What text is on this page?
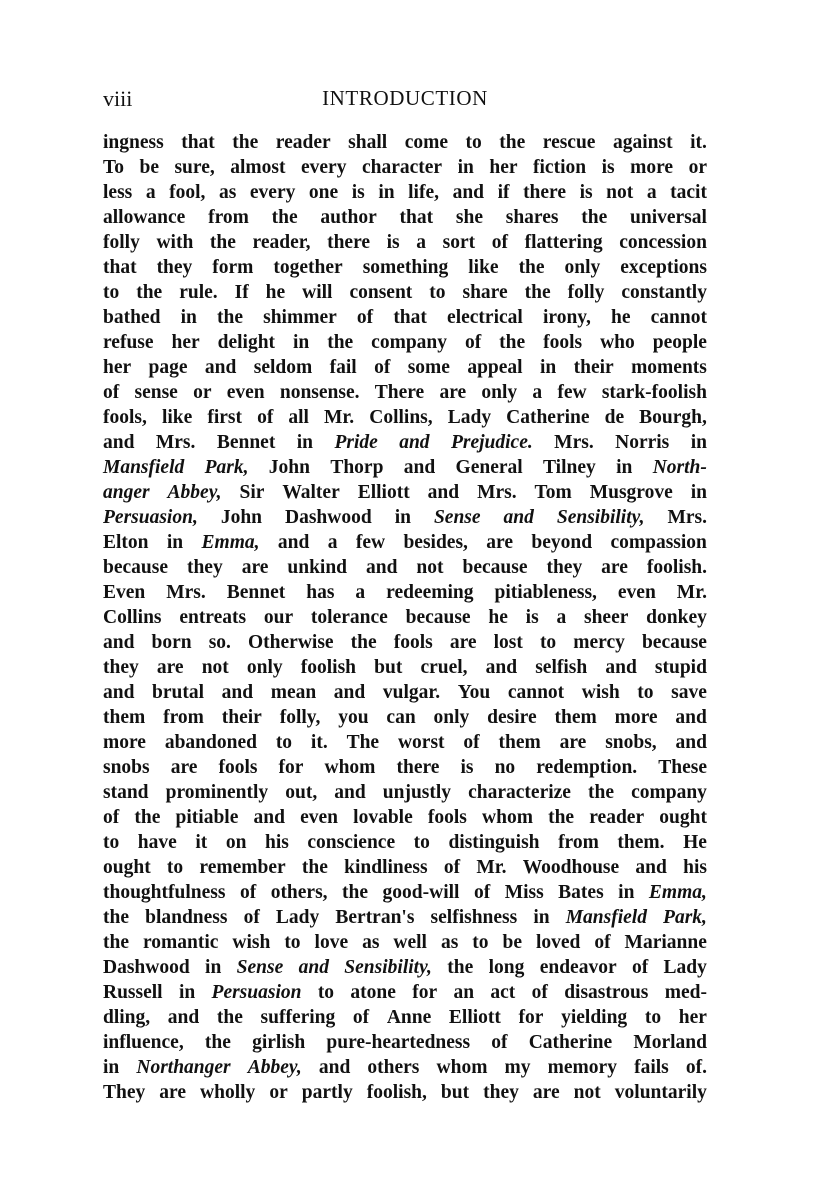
viii	INTRODUCTION
ingness that the reader shall come to the rescue against it.
To be sure, almost every character in her fiction is more or
less a fool, as every one is in life, and if there is not a tacit
allowance from the author that she shares the universal
folly with the reader, there is a sort of flattering concession
that they form together something like the only exceptions
to the rule. If he will consent to share the folly constantly
bathed in the shimmer of that electrical irony, he cannot
refuse her delight in the company of the fools who people
her page and seldom fail of some appeal in their moments
of sense or even nonsense. There are only a few stark-foolish
fools, like first of all Mr. Collins, Lady Catherine de Bourgh,
and Mrs. Bennet in Pride and Prejudice. Mrs. Norris in
Mansfield Park, John Thorp and General Tilney in North-
anger Abbey, Sir Walter Elliott and Mrs. Tom Musgrove in
Persuasion, John Dashwood in Sense and Sensibility, Mrs.
Elton in Emma, and a few besides, are beyond compassion
because they are unkind and not because they are foolish.
Even Mrs. Bennet has a redeeming pitiableness, even Mr.
Collins entreats our tolerance because he is a sheer donkey
and born so. Otherwise the fools are lost to mercy because
they are not only foolish but cruel, and selfish and stupid
and brutal and mean and vulgar. You cannot wish to save
them from their folly, you can only desire them more and
more abandoned to it. The worst of them are snobs, and
snobs are fools for whom there is no redemption. These
stand prominently out, and unjustly characterize the company
of the pitiable and even lovable fools whom the reader ought
to have it on his conscience to distinguish from them. He
ought to remember the kindliness of Mr. Woodhouse and his
thoughtfulness of others, the good-will of Miss Bates in Emma,
the blandness of Lady Bertran's selfishness in Mansfield Park,
the romantic wish to love as well as to be loved of Marianne
Dashwood in Sense and Sensibility, the long endeavor of Lady
Russell in Persuasion to atone for an act of disastrous med-
dling, and the suffering of Anne Elliott for yielding to her
influence, the girlish pure-heartedness of Catherine Morland
in Northanger Abbey, and others whom my memory fails of.
They are wholly or partly foolish, but they are not voluntarily
